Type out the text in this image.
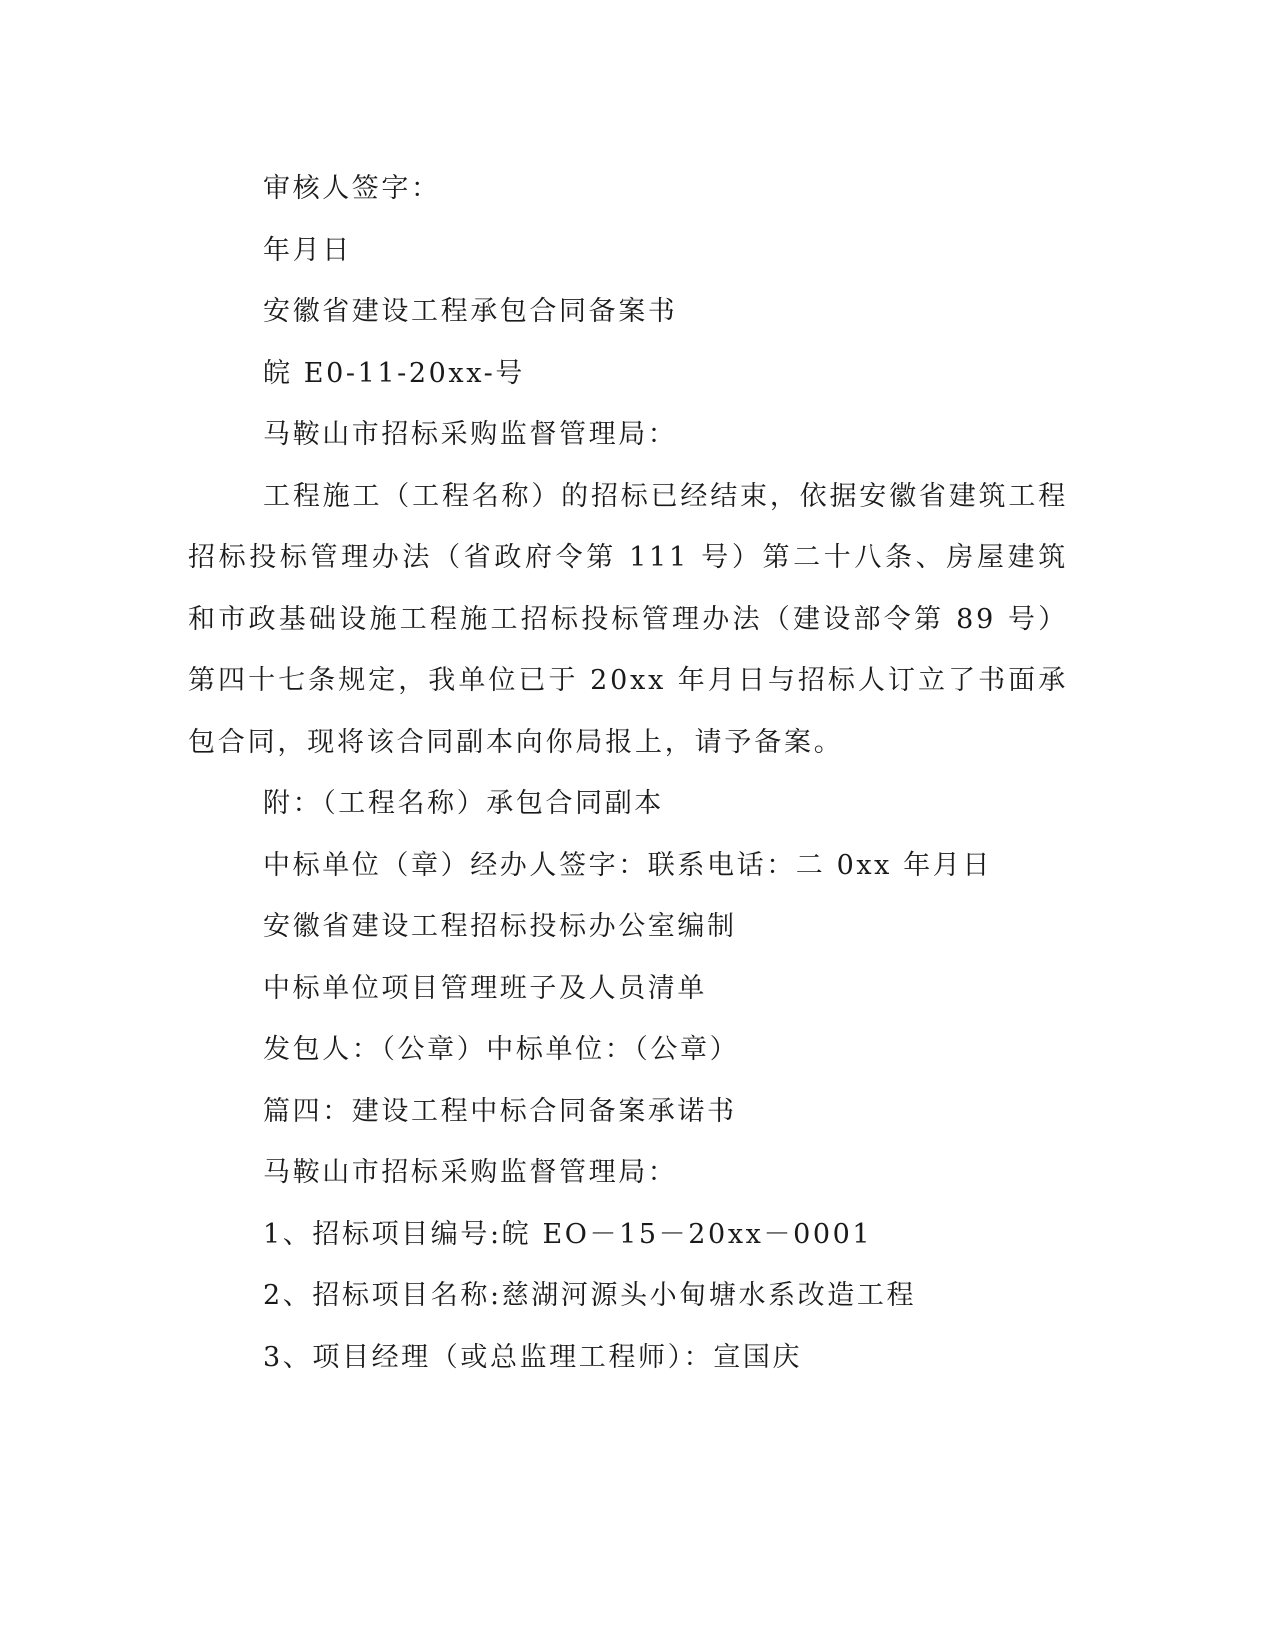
审核人签字：

年月日

安徽省建设工程承包合同备案书

皖 E0-11-20xx-号

马鞍山市招标采购监督管理局：

工程施工（工程名称）的招标已经结束，依据安徽省建筑工程招标投标管理办法（省政府令第 111 号）第二十八条、房屋建筑和市政基础设施工程施工招标投标管理办法（建设部令第 89 号）第四十七条规定，我单位已于 20xx 年月日与招标人订立了书面承包合同，现将该合同副本向你局报上，请予备案。

附：（工程名称）承包合同副本

中标单位（章）经办人签字：联系电话：二 0xx 年月日

安徽省建设工程招标投标办公室编制

中标单位项目管理班子及人员清单

发包人：（公章）中标单位：（公章）

篇四：建设工程中标合同备案承诺书

马鞍山市招标采购监督管理局：

1、招标项目编号:皖 EO－15－20xx－0001

2、招标项目名称:慈湖河源头小甸塘水系改造工程

3、项目经理（或总监理工程师）：宣国庆
